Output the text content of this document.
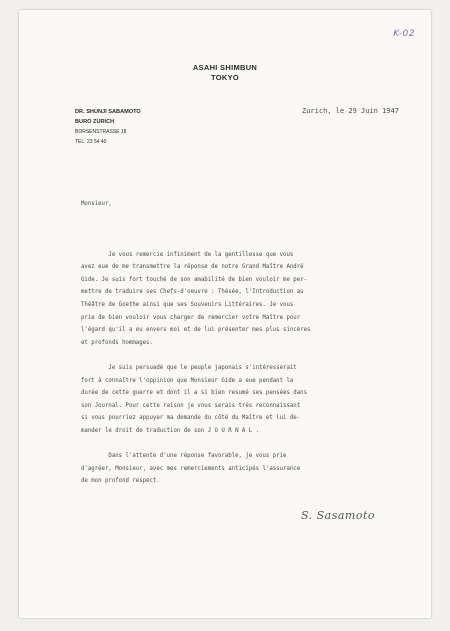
K-02
ASAHI SHIMBUN
TOKYO
DR. SHUNJI SABAMOTO
BURO ZÜRICH
BORSENSTRASSE 18
TEL. 23 54 40
Zurich, le 29 Juin 1947

Monsieur,

Je vous remercie infiniment de la gentillesse que vous
avez eue de me transmettre la réponse de notre Grand Maître André
Gide. Je suis fort touché de son amabilité de bien vouloir me per-
mettre de traduire ses Chefs-d'oeuvre : Thésée, l'Introduction au
Théâtre de Goethe ainsi que ses Souvenirs Littéraires. Je vous
prie de bien vouloir vous charger de remercier votre Maître pour
l'égard qu'il a eu envers moi et de lui présenter mes plus sincères
et profonds hommages.
Je suis persuadé que le peuple japonais s'intéresserait
fort à connaître l'oppinion que Monsieur Gide a eue pendant la
durée de cette guerre et dont il a si bien resumé ses pensées dans
son Journal. Pour cette raison je vous serais très reconnaissant
si vous pourriez appuyer ma demande du côté du Maître et lui de-
mander le droit de traduction de son J O U R N A L .
Dans l'attente d'une réponse favorable, je vous prie
d'agréer, Monsieur, avec mes remerciements anticipés l'assurance
de mon profond respect.

S. Sasamoto
